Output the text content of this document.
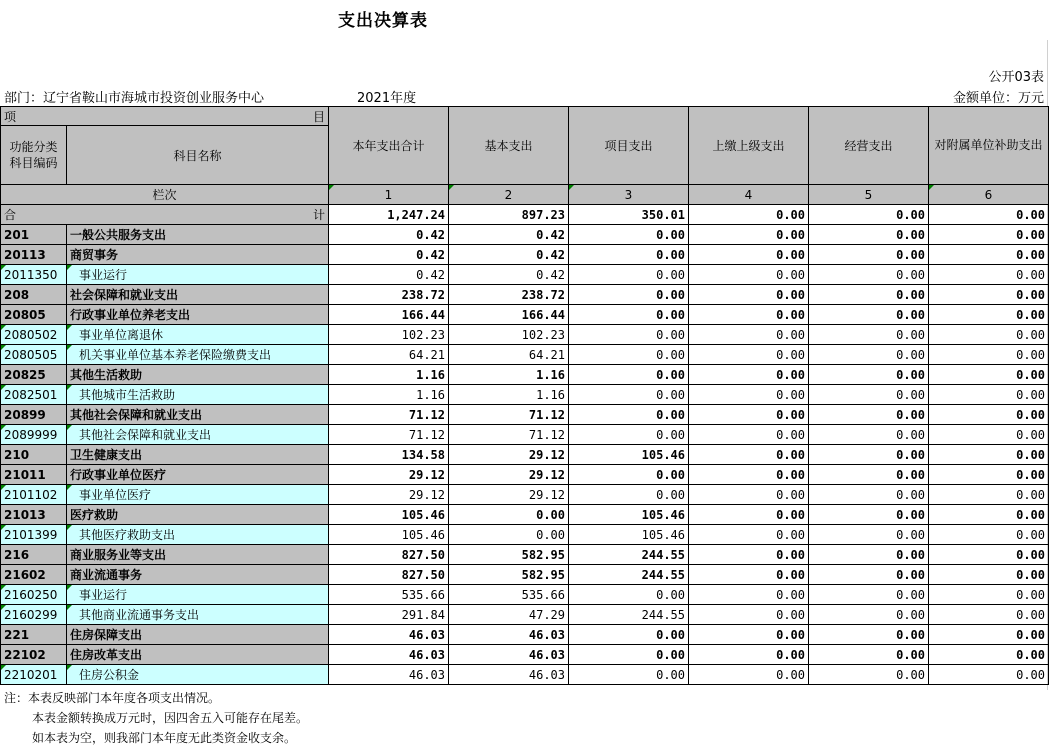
支出决算表
公开03表
部门：辽宁省鞍山市海城市投资创业服务中心	2021年度	金额单位：万元
项 目		本年支出合计	基本支出	项目支出	上缴上级支出	经营支出	对附属单位补助支出
功能分类科目编码	科目名称						
栏次		1	2	3	4	5	6

合 计		1,247.24	897.23	350.01	0.00	0.00	0.00
201	一般公共服务支出	0.42	0.42	0.00	0.00	0.00	0.00
20113	商贸事务	0.42	0.42	0.00	0.00	0.00	0.00
2011350	事业运行	0.42	0.42	0.00	0.00	0.00	0.00
208	社会保障和就业支出	238.72	238.72	0.00	0.00	0.00	0.00
20805	行政事业单位养老支出	166.44	166.44	0.00	0.00	0.00	0.00
2080502	事业单位离退休	102.23	102.23	0.00	0.00	0.00	0.00
2080505	机关事业单位基本养老保险缴费支出	64.21	64.21	0.00	0.00	0.00	0.00
20825	其他生活救助	1.16	1.16	0.00	0.00	0.00	0.00
2082501	其他城市生活救助	1.16	1.16	0.00	0.00	0.00	0.00
20899	其他社会保障和就业支出	71.12	71.12	0.00	0.00	0.00	0.00
2089999	其他社会保障和就业支出	71.12	71.12	0.00	0.00	0.00	0.00
210	卫生健康支出	134.58	29.12	105.46	0.00	0.00	0.00
21011	行政事业单位医疗	29.12	29.12	0.00	0.00	0.00	0.00
2101102	事业单位医疗	29.12	29.12	0.00	0.00	0.00	0.00
21013	医疗救助	105.46	0.00	105.46	0.00	0.00	0.00
2101399	其他医疗救助支出	105.46	0.00	105.46	0.00	0.00	0.00
216	商业服务业等支出	827.50	582.95	244.55	0.00	0.00	0.00
21602	商业流通事务	827.50	582.95	244.55	0.00	0.00	0.00
2160250	事业运行	535.66	535.66	0.00	0.00	0.00	0.00
2160299	其他商业流通事务支出	291.84	47.29	244.55	0.00	0.00	0.00
221	住房保障支出	46.03	46.03	0.00	0.00	0.00	0.00
22102	住房改革支出	46.03	46.03	0.00	0.00	0.00	0.00
2210201	住房公积金	46.03	46.03	0.00	0.00	0.00	0.00
注：本表反映部门本年度各项支出情况。
本表金额转换成万元时，因四舍五入可能存在尾差。
如本表为空，则我部门本年度无此类资金收支余。
